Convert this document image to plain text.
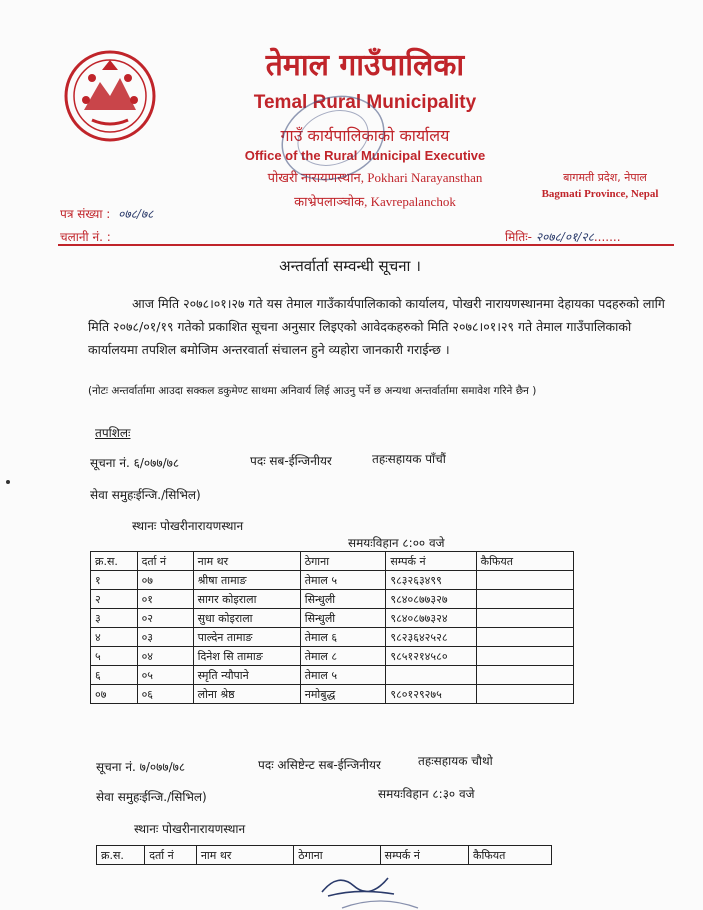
तेमाल गाउँपालिका
Temal Rural Municipality
गाउँ कार्यपालिकाको कार्यालय
Office of the Rural Municipal Executive
पोखरी नारायणस्थान, Pokhari Narayansthan
काभ्रेपलाञ्चोक, Kavrepalanchok
बागमती प्रदेश, नेपाल
Bagmati Province, Nepal
पत्र संख्या : ०७८/७८
चलानी नं. :	मितिः- २०७८/०१/२८.......
अन्तर्वार्ता सम्वन्धी सूचना ।
आज मिति २०७८।०१।२७ गते यस तेमाल गाउँकार्यपालिकाको कार्यालय, पोखरी नारायणस्थानमा देहायका पदहरुको लागि मिति २०७८/०१/१९ गतेको प्रकाशित सूचना अनुसार लिइएको आवेदकहरुको मिति २०७८।०१।२९ गते तेमाल गाउँपालिकाको कार्यालयमा तपशिल बमोजिम अन्तरवार्ता संचालन हुने व्यहोरा जानकारी गराईन्छ ।
(नोटः अन्तर्वार्तामा आउदा सक्कल डकुमेण्ट साथमा अनिवार्य लिई आउनु पर्ने छ अन्यथा अन्तर्वार्तामा समावेश गरिने छैन )
तपशिलः
सूचना नं. ६/०७७/७८	पदः सब-ईन्जिनीयर	तहःसहायक पाँचौं
सेवा समुहःईन्जि./सिभिल)
स्थानः पोखरीनारायणस्थान
समयःविहान ८:०० वजे
क्र.स.	दर्ता नं	नाम थर	ठेगाना	सम्पर्क नं	कैफियत
१	०७	श्रीषा तामाङ	तेमाल ५	९८३२६३४९९	
२	०१	सागर कोइराला	सिन्धुली	९८४०८७७३२७	
३	०२	सुधा कोइराला	सिन्धुली	९८४०८७७३२४	
४	०३	पाल्देन तामाङ	तेमाल ६	९८२३६४२५२८	
५	०४	दिनेश सि तामाङ	तेमाल ८	९८५१२१४५८०	
६	०५	स्मृति न्यौपाने	तेमाल ५		
०७	०६	लोना श्रेष्ठ	नमोबुद्ध	९८०१२९२७५	
सूचना नं. ७/०७७/७८	पदः असिष्टेन्ट सब-ईन्जिनीयर	तहःसहायक चौथो
सेवा समुहःईन्जि./सिभिल)	समयःविहान ८:३० वजे
स्थानः पोखरीनारायणस्थान
क्र.स.	दर्ता नं	नाम थर	ठेगाना	सम्पर्क नं	कैफियत
